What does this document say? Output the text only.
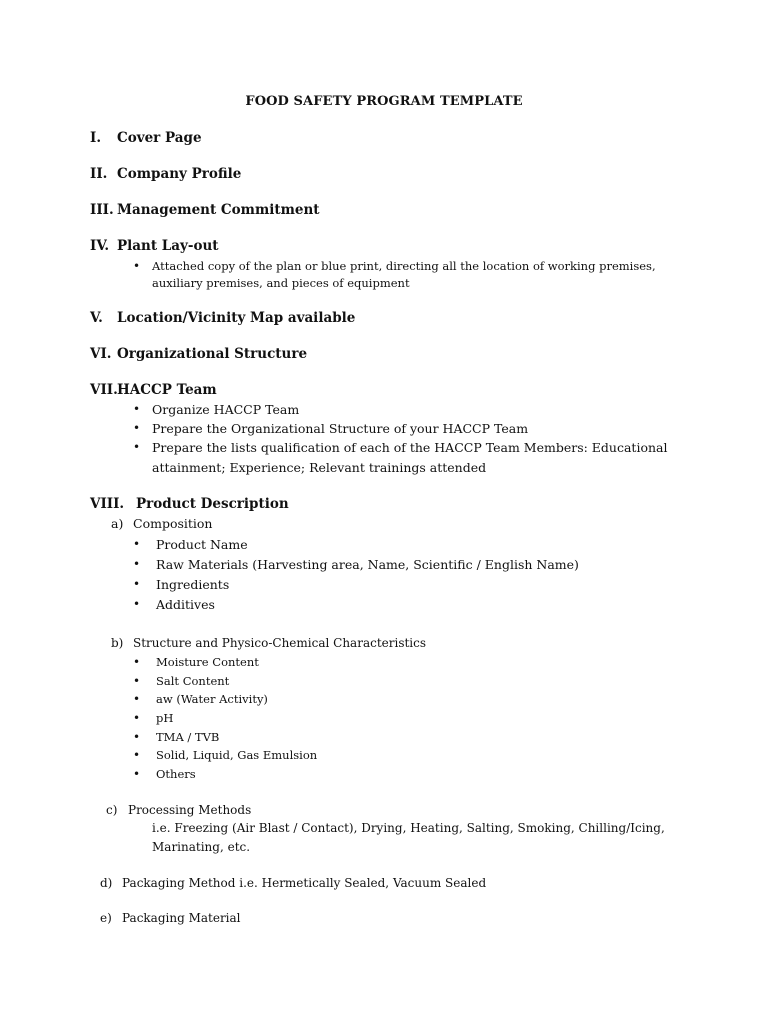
FOOD SAFETY PROGRAM TEMPLATE
I. Cover Page
II. Company Profile
III. Management Commitment
IV. Plant Lay-out
• Attached copy of the plan or blue print, directing all the location of working premises,
auxiliary premises, and pieces of equipment
V. Location/Vicinity Map available
VI. Organizational Structure
VII.HACCP Team
• Organize HACCP Team
• Prepare the Organizational Structure of your HACCP Team
• Prepare the lists qualification of each of the HACCP Team Members: Educational
attainment; Experience; Relevant trainings attended
VIII. Product Description
a) Composition
• Product Name
• Raw Materials (Harvesting area, Name, Scientific / English Name)
• Ingredients
• Additives
b) Structure and Physico-Chemical Characteristics
• Moisture Content
• Salt Content
• aw (Water Activity)
• pH
• TMA / TVB
• Solid, Liquid, Gas Emulsion
• Others
c) Processing Methods
i.e. Freezing (Air Blast / Contact), Drying, Heating, Salting, Smoking, Chilling/Icing,
Marinating, etc.
d) Packaging Method i.e. Hermetically Sealed, Vacuum Sealed
e) Packaging Material
